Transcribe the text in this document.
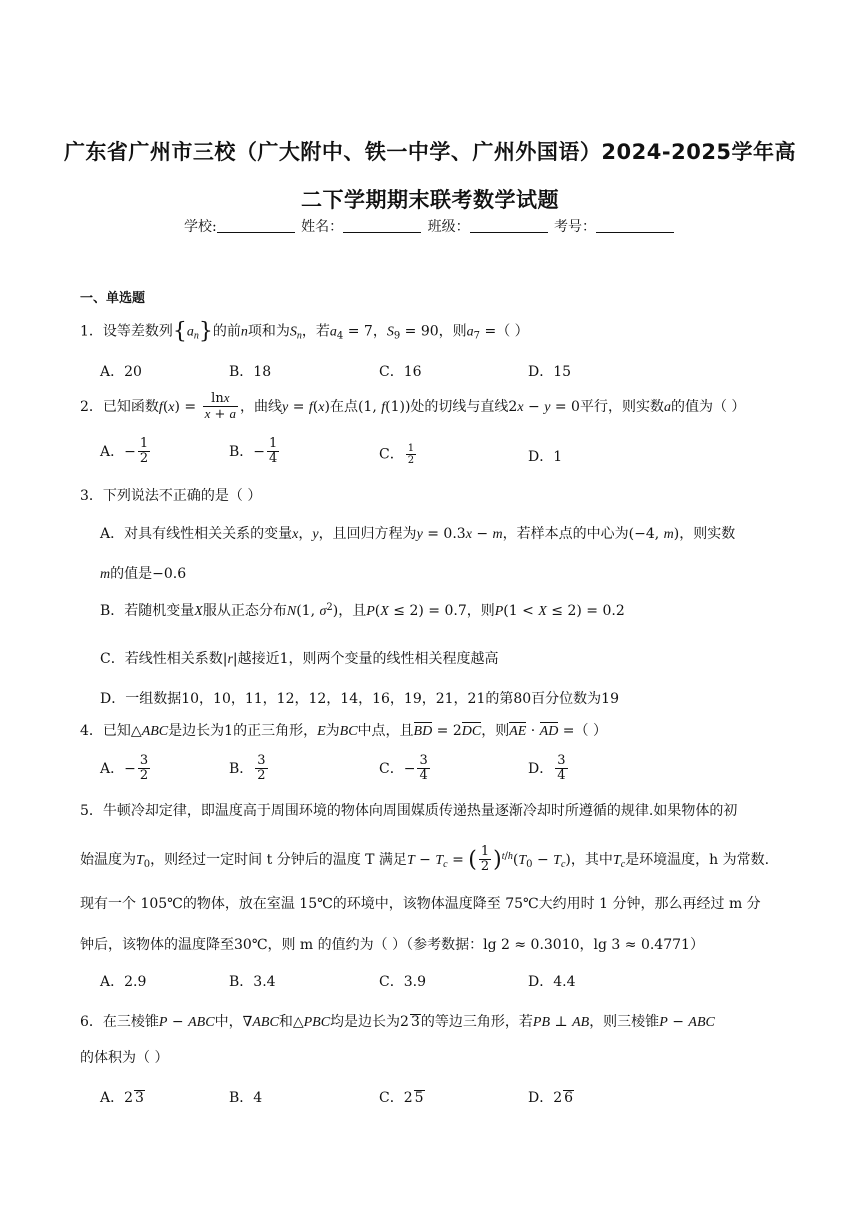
广东省广州市三校（广大附中、铁一中学、广州外国语）2024-2025学年高
二下学期期末联考数学试题
学校:	姓名：	班级：	考号：
一、单选题
1．设等差数列$\{a_n\}$的前n项和为$S_n$，若$a_4 = 7$，$S_9 = 90$，则$a_7$ =（ ）
A．20	B．18	C．16	D．15
2．已知函数$f(x) = \frac{\ln x}{x + a}$ ，曲线y = f(x)在点(1, f(1))处的切线与直线2x − y = 0平行，则实数a的值为（ ）
A．− $\frac{1}{2}$	B．− $\frac{1}{4}$	C． $\frac{1}{2}$	D．1
3．下列说法不正确的是（ ）
A．对具有线性相关关系的变量x，y，且回归方程为y = 0.3x − m，若样本点的中心为(−4, m)，则实数
m的值是−0.6
B．若随机变量X服从正态分布N(1, $\sigma^2$)，且P(X ≤ 2) = 0.7，则P(1 < X ≤ 2) = 0.2
C．若线性相关系数|r|越接近1，则两个变量的线性相关程度越高
D．一组数据10，10，11，12，12，14，16，19，21，21的第80百分位数为19
4．已知△ABC是边长为1的正三角形，E为BC中点，且BD = 2DC，则AE · AD =（ ）
A．− $\frac{3}{2}$	B． $\frac{3}{2}$	C．− $\frac{3}{4}$	D． $\frac{3}{4}$
5．牛顿冷却定律，即温度高于周围环境的物体向周围媒质传递热量逐渐冷却时所遵循的规律.如果物体的初
始温度为$T_0$，则经过一定时间 t 分钟后的温度 T 满足$T - T_c$ = ( $\frac{1}{2} )^{t/h}(T_0 - T_c)$，其中$T_c$是环境温度，h 为常数.
现有一个 105℃的物体，放在室温 15℃的环境中，该物体温度降至 75℃大约用时 1 分钟，那么再经过 m 分
钟后，该物体的温度降至30℃，则 m 的值约为（ ）（参考数据：lg 2 ≈ 0.3010，lg 3 ≈ 0.4771）
A．2.9	B．3.4	C．3.9	D．4.4
6．在三棱锥P − ABC中，∇ABC和△PBC均是边长为2 3的等边三角形，若PB ⊥ AB，则三棱锥P − ABC
的体积为（ ）
A．2 3	B．4	C．2 5	D．2 6
